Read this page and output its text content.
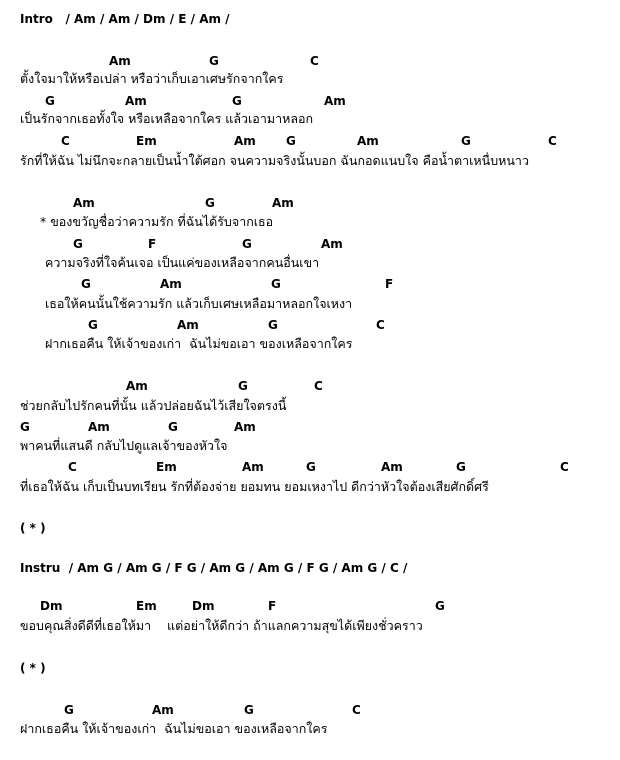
Intro   / Am / Am / Dm / E / Am /
Am	G	C
ตั้งใจมาให้หรือเปล่า หรือว่าเก็บเอาเศษรักจากใคร
G	Am	G	Am
เป็นรักจากเธอทั้งใจ หรือเหลือจากใคร แล้วเอามาหลอก
C	Em	Am	G	Am	G	C
รักที่ให้ฉัน ไม่นึกจะกลายเป็นน้ำใต้ศอก จนความจริงนั้นบอก ฉันกอดแนบใจ คือน้ำตาเหนื่บหนาว
Am	G	Am
* ของขวัญชื่อว่าความรัก ที่ฉันได้รับจากเธอ
G	F	G	Am
ความจริงที่ใจค้นเจอ เป็นแค่ของเหลือจากคนอื่นเขา
G	Am	G	F
เธอให้คนนั้นใช้ความรัก แล้วเก็บเศษเหลือมาหลอกใจเหงา
G	Am	G	C
ฝากเธอคืน ให้เจ้าของเก่า  ฉันไม่ขอเอา ของเหลือจากใคร
Am	G	C
ช่วยกลับไปรักคนที่นั้น แล้วปล่อยฉันไว้เสียใจตรงนี้
G	Am	G	Am
พาคนที่แสนดี กลับไปดูแลเจ้าของหัวใจ
C	Em	Am	G	Am	G	C
ที่เธอให้ฉัน เก็บเป็นบทเรียน รักที่ต้องจ่าย ยอมทน ยอมเหงาไป ดีกว่าหัวใจต้องเสียศักดิ์ศรี
( * )
Instru  / Am G / Am G / F G / Am G / Am G / F G / Am G / C /
Dm	Em	Dm	F	G
ขอบคุณสิ่งดีดีที่เธอให้มา    แต่อย่าให้ดีกว่า ถ้าแลกความสุขได้เพียงชั่วคราว
( * )
G	Am	G	C
ฝากเธอคืน ให้เจ้าของเก่า  ฉันไม่ขอเอา ของเหลือจากใคร
